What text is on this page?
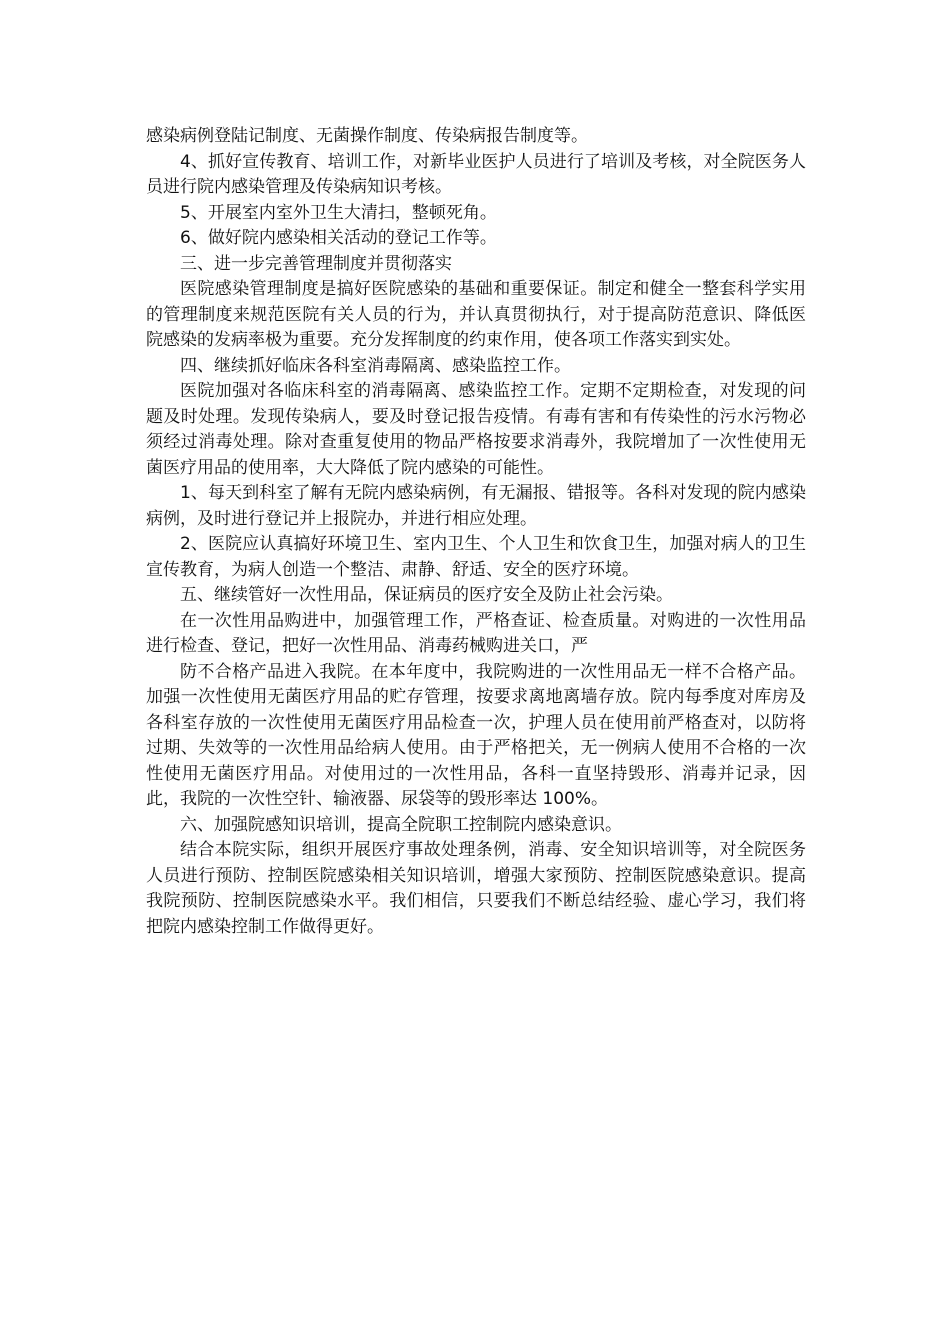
感染病例登陆记制度、无菌操作制度、传染病报告制度等。

4、抓好宣传教育、培训工作，对新毕业医护人员进行了培训及考核，对全院医务人员进行院内感染管理及传染病知识考核。

5、开展室内室外卫生大清扫，整顿死角。

6、做好院内感染相关活动的登记工作等。

三、进一步完善管理制度并贯彻落实

医院感染管理制度是搞好医院感染的基础和重要保证。制定和健全一整套科学实用的管理制度来规范医院有关人员的行为，并认真贯彻执行，对于提高防范意识、降低医院感染的发病率极为重要。充分发挥制度的约束作用，使各项工作落实到实处。

四、继续抓好临床各科室消毒隔离、感染监控工作。

医院加强对各临床科室的消毒隔离、感染监控工作。定期不定期检查，对发现的问题及时处理。发现传染病人，要及时登记报告疫情。有毒有害和有传染性的污水污物必须经过消毒处理。除对查重复使用的物品严格按要求消毒外，我院增加了一次性使用无菌医疗用品的使用率，大大降低了院内感染的可能性。

1、每天到科室了解有无院内感染病例，有无漏报、错报等。各科对发现的院内感染病例，及时进行登记并上报院办，并进行相应处理。

2、医院应认真搞好环境卫生、室内卫生、个人卫生和饮食卫生，加强对病人的卫生宣传教育，为病人创造一个整洁、肃静、舒适、安全的医疗环境。

五、继续管好一次性用品，保证病员的医疗安全及防止社会污染。

在一次性用品购进中，加强管理工作，严格查证、检查质量。对购进的一次性用品进行检查、登记，把好一次性用品、消毒药械购进关口，严

防不合格产品进入我院。在本年度中，我院购进的一次性用品无一样不合格产品。加强一次性使用无菌医疗用品的贮存管理，按要求离地离墙存放。院内每季度对库房及各科室存放的一次性使用无菌医疗用品检查一次，护理人员在使用前严格查对，以防将过期、失效等的一次性用品给病人使用。由于严格把关，无一例病人使用不合格的一次性使用无菌医疗用品。对使用过的一次性用品，各科一直坚持毁形、消毒并记录，因此，我院的一次性空针、输液器、尿袋等的毁形率达 100%。

六、加强院感知识培训，提高全院职工控制院内感染意识。

结合本院实际，组织开展医疗事故处理条例，消毒、安全知识培训等，对全院医务人员进行预防、控制医院感染相关知识培训，增强大家预防、控制医院感染意识。提高我院预防、控制医院感染水平。我们相信，只要我们不断总结经验、虚心学习，我们将把院内感染控制工作做得更好。
